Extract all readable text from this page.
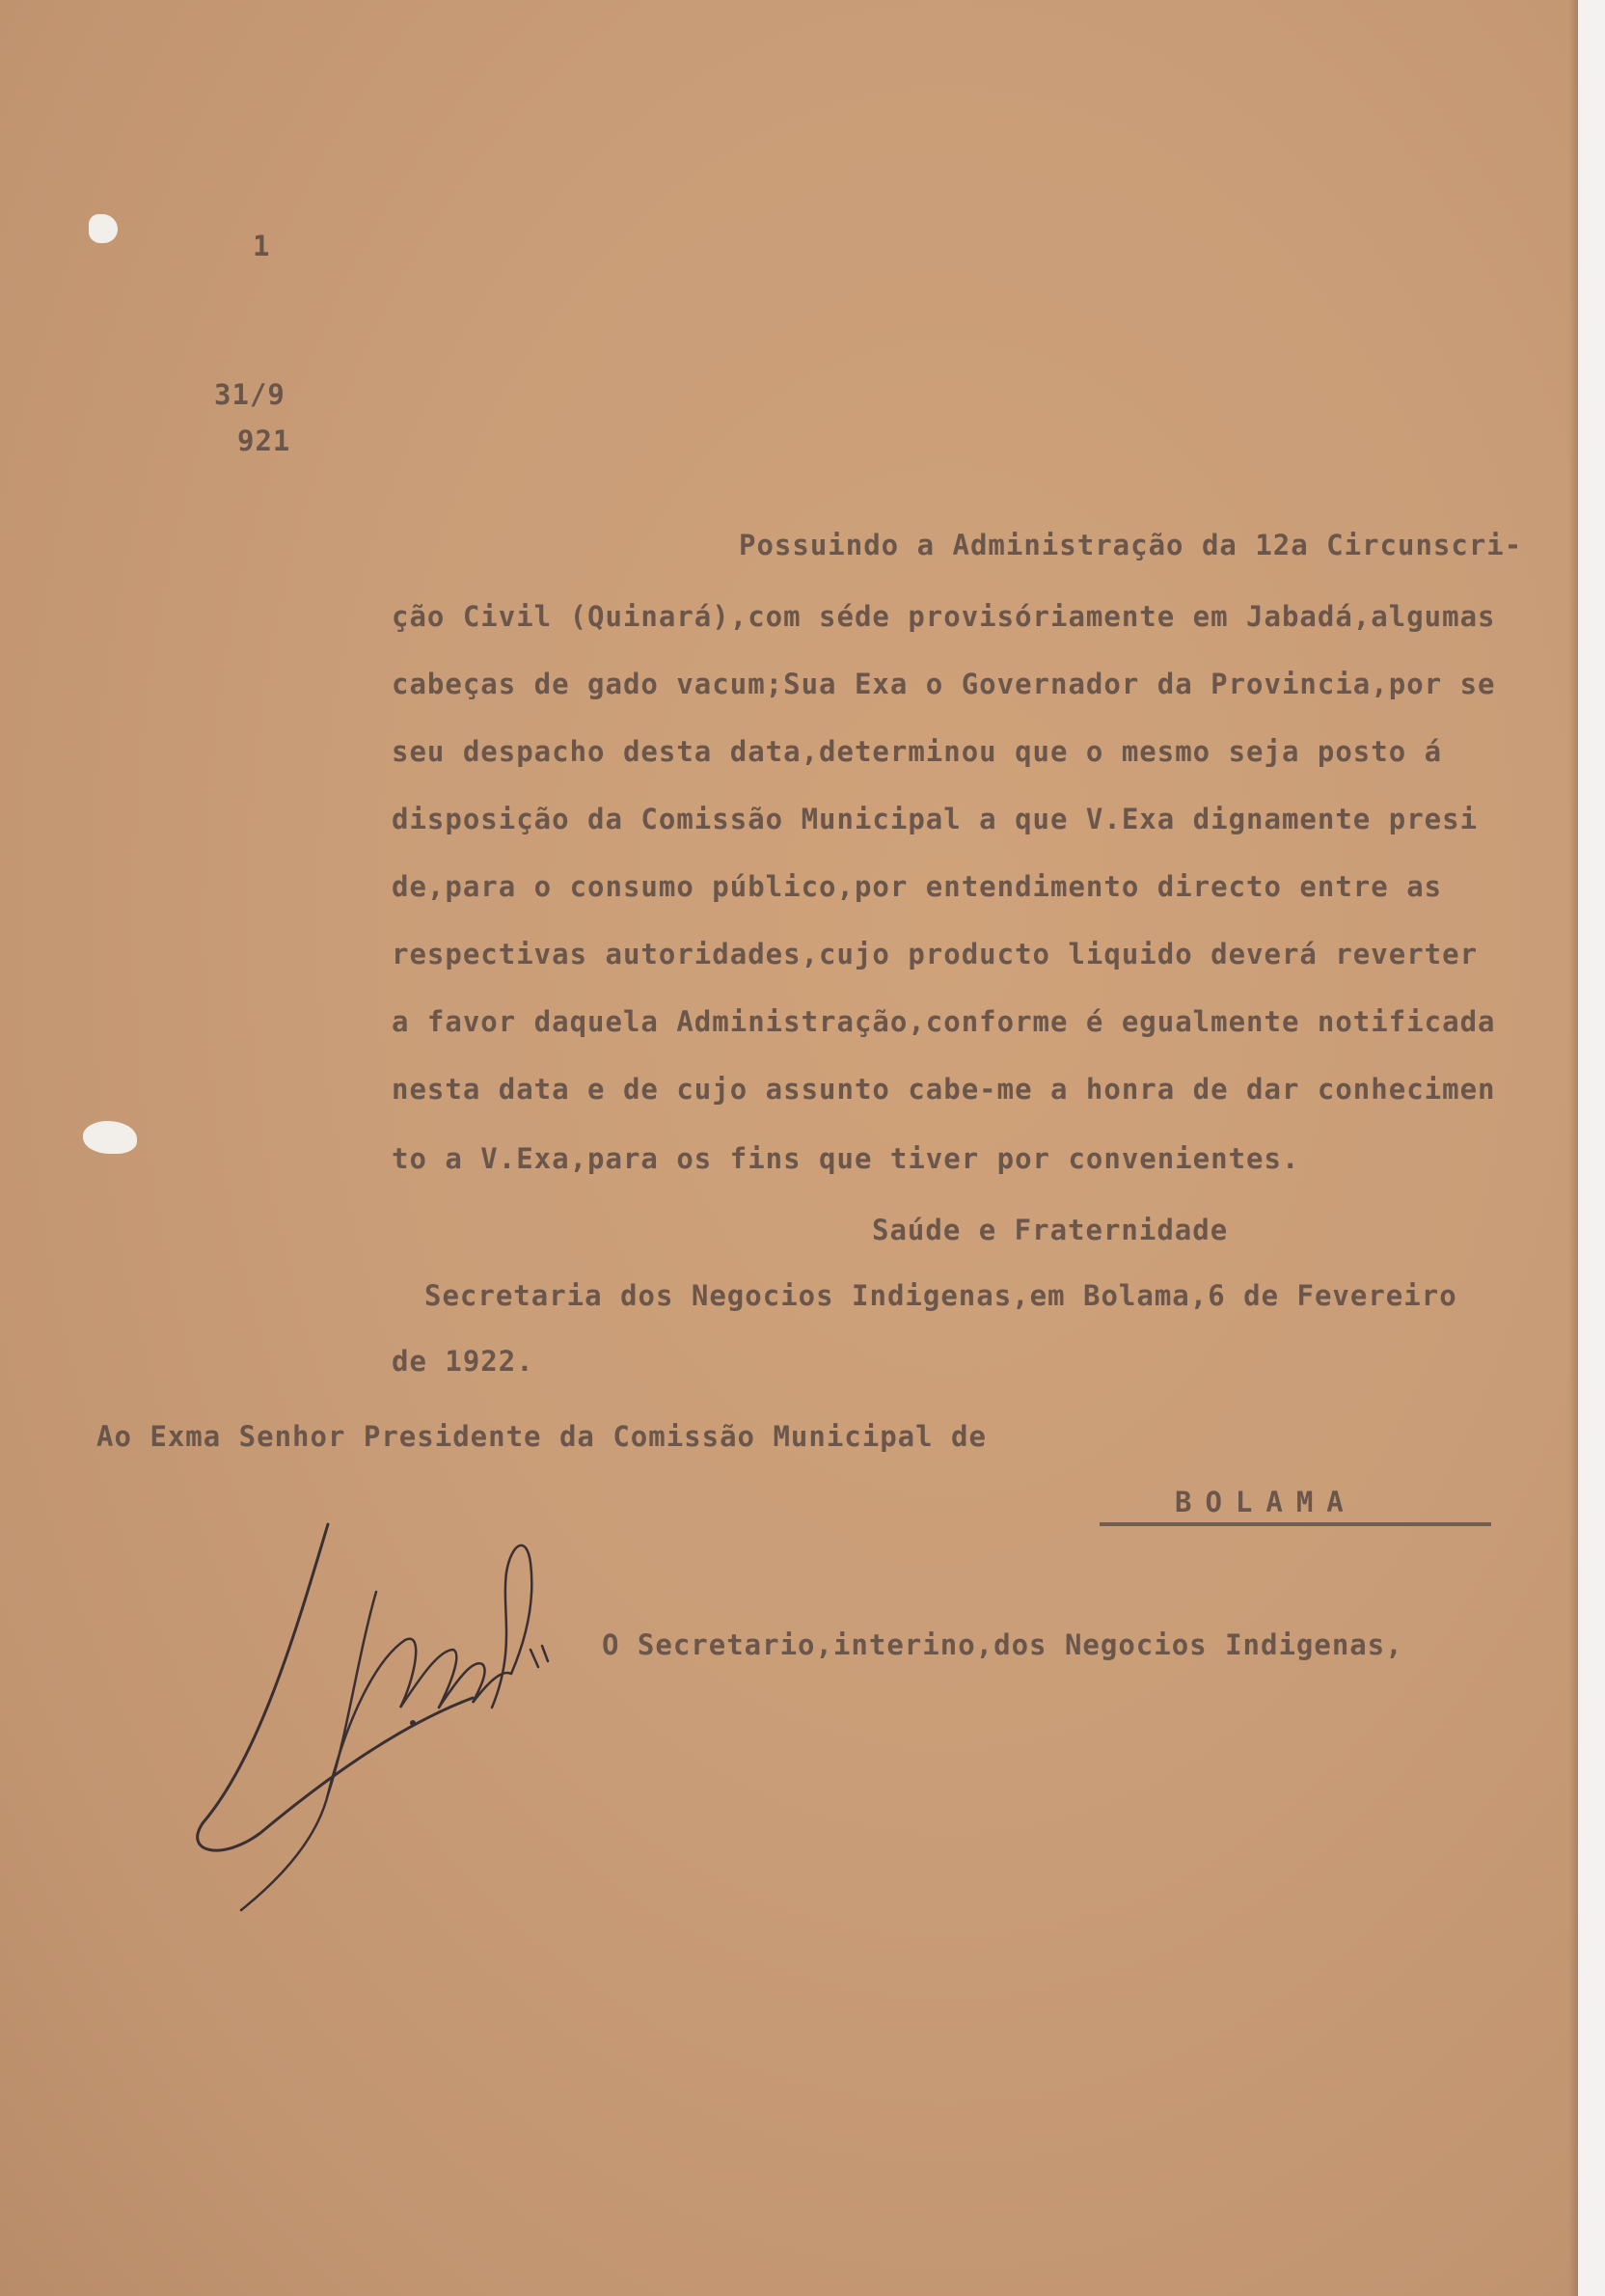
1
31/9
921
Possuindo a Administração da 12a Circunscri-
ção Civil (Quinará),com séde provisóriamente em Jabadá,algumas
cabeças de gado vacum;Sua Exa o Governador da Provincia,por se
seu despacho desta data,determinou que o mesmo seja posto á
disposição da Comissão Municipal a que V.Exa dignamente presi
de,para o consumo público,por entendimento directo entre as
respectivas autoridades,cujo producto liquido deverá reverter
a favor daquela Administração,conforme é egualmente notificada
nesta data e de cujo assunto cabe-me a honra de dar conhecimen
to a V.Exa,para os fins que tiver por convenientes.
Saúde e Fraternidade
Secretaria dos Negocios Indigenas,em Bolama,6 de Fevereiro
de 1922.
Ao Exma Senhor Presidente da Comissão Municipal de
BOLAMA
O Secretario,interino,dos Negocios Indigenas,
